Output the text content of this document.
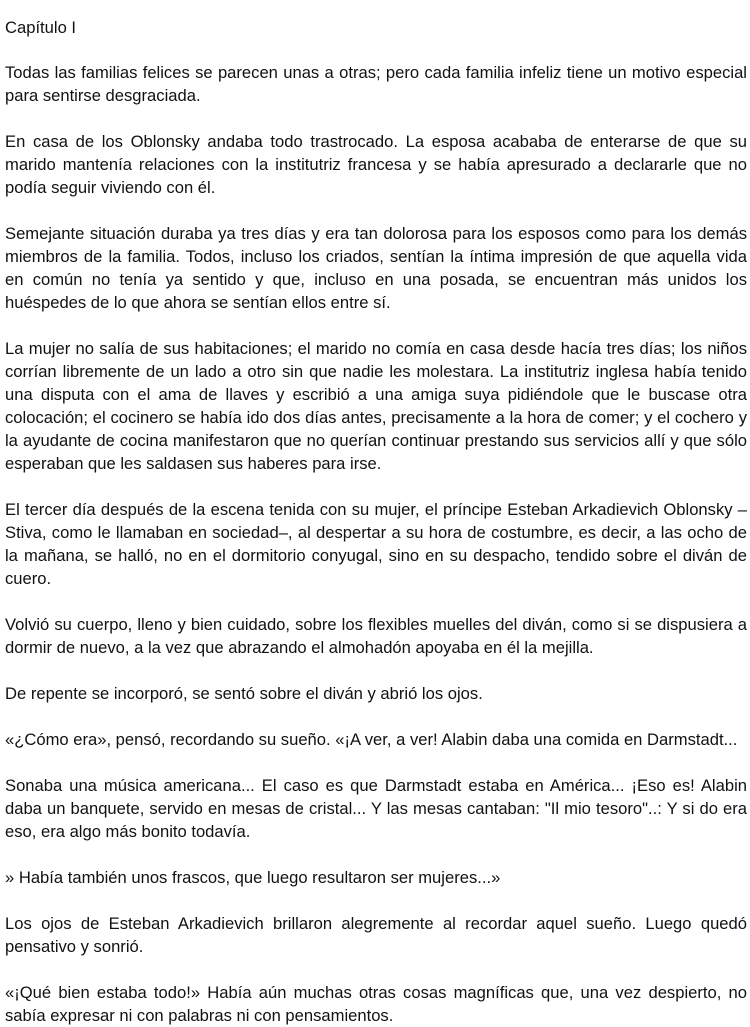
Capítulo I

Todas las familias felices se parecen unas a otras; pero cada familia infeliz tiene un motivo especial para sentirse desgraciada.

En casa de los Oblonsky andaba todo trastrocado. La esposa acababa de enterarse de que su marido mantenía relaciones con la institutriz francesa y se había apresurado a declararle que no podía seguir viviendo con él.

Semejante situación duraba ya tres días y era tan dolorosa para los esposos como para los demás miembros de la familia. Todos, incluso los criados, sentían la íntima impresión de que aquella vida en común no tenía ya sentido y que, incluso en una posada, se encuentran más unidos los huéspedes de lo que ahora se sentían ellos entre sí.

La mujer no salía de sus habitaciones; el marido no comía en casa desde hacía tres días; los niños corrían libremente de un lado a otro sin que nadie les molestara. La institutriz inglesa había tenido una disputa con el ama de llaves y escribió a una amiga suya pidiéndole que le buscase otra colocación; el cocinero se había ido dos días antes, precisamente a la hora de comer; y el cochero y la ayudante de cocina manifestaron que no querían continuar prestando sus servicios allí y que sólo esperaban que les saldasen sus haberes para irse.

El tercer día después de la escena tenida con su mujer, el príncipe Esteban Arkadievich Oblonsky –Stiva, como le llamaban en sociedad–, al despertar a su hora de costumbre, es decir, a las ocho de la mañana, se halló, no en el dormitorio conyugal, sino en su despacho, tendido sobre el diván de cuero.

Volvió su cuerpo, lleno y bien cuidado, sobre los flexibles muelles del diván, como si se dispusiera a dormir de nuevo, a la vez que abrazando el almohadón apoyaba en él la mejilla.

De repente se incorporó, se sentó sobre el diván y abrió los ojos.

«¿Cómo era», pensó, recordando su sueño. «¡A ver, a ver! Alabin daba una comida en Darmstadt...

Sonaba una música americana... El caso es que Darmstadt estaba en América... ¡Eso es! Alabin daba un banquete, servido en mesas de cristal... Y las mesas cantaban: "Il mio tesoro"..: Y si do era eso, era algo más bonito todavía.

» Había también unos frascos, que luego resultaron ser mujeres...»

Los ojos de Esteban Arkadievich brillaron alegremente al recordar aquel sueño. Luego quedó pensativo y sonrió.

«¡Qué bien estaba todo!» Había aún muchas otras cosas magníficas que, una vez despierto, no sabía expresar ni con palabras ni con pensamientos.
